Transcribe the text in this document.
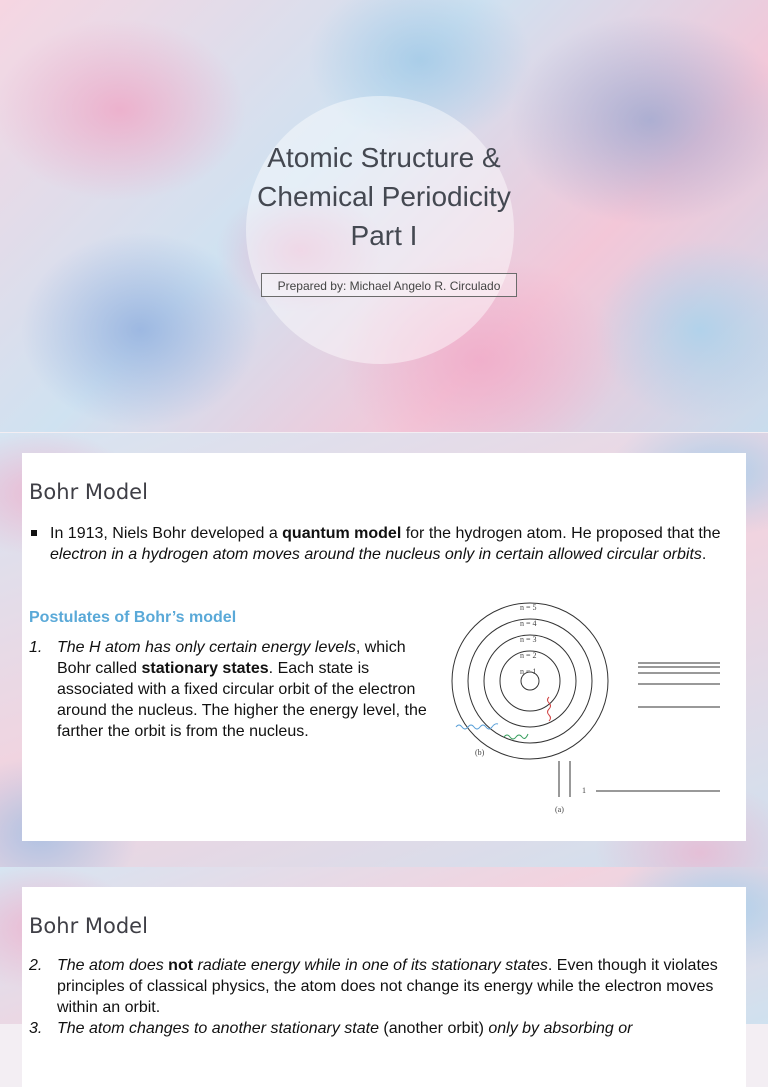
Atomic Structure &
Chemical Periodicity
Part I
Prepared by: Michael Angelo R. Circulado
Bohr Model
In 1913, Niels Bohr developed a quantum model for the hydrogen atom. He proposed that the electron in a hydrogen atom moves around the nucleus only in certain allowed circular orbits.
Postulates of Bohr’s model
1. The H atom has only certain energy levels, which Bohr called stationary states. Each state is associated with a fixed circular orbit of the electron around the nucleus. The higher the energy level, the farther the orbit is from the nucleus.
n = 5
n = 4
n = 3
n = 2
n = 1
(b)
1
(a)
Bohr Model
2. The atom does not radiate energy while in one of its stationary states. Even though it violates principles of classical physics, the atom does not change its energy while the electron moves within an orbit.
3. The atom changes to another stationary state (another orbit) only by absorbing or
